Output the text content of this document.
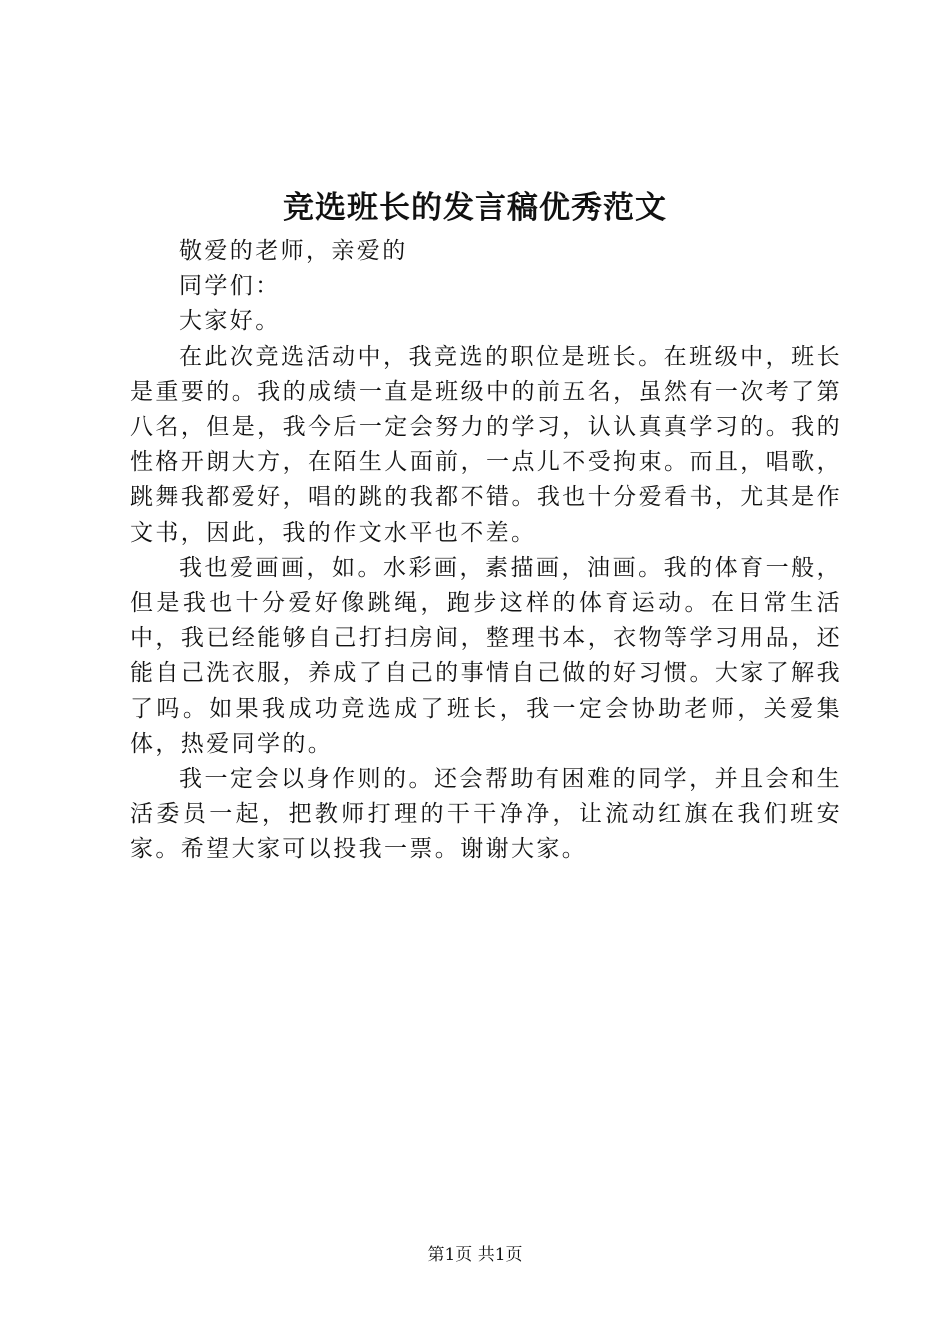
竞选班长的发言稿优秀范文

敬爱的老师，亲爱的

同学们：

大家好。

在此次竞选活动中，我竞选的职位是班长。在班级中，班长是重要的。我的成绩一直是班级中的前五名，虽然有一次考了第八名，但是，我今后一定会努力的学习，认认真真学习的。我的性格开朗大方，在陌生人面前，一点儿不受拘束。而且，唱歌，跳舞我都爱好，唱的跳的我都不错。我也十分爱看书，尤其是作文书，因此，我的作文水平也不差。

我也爱画画，如。水彩画，素描画，油画。我的体育一般，但是我也十分爱好像跳绳，跑步这样的体育运动。在日常生活中，我已经能够自己打扫房间，整理书本，衣物等学习用品，还能自己洗衣服，养成了自己的事情自己做的好习惯。大家了解我了吗。如果我成功竞选成了班长，我一定会协助老师，关爱集体，热爱同学的。

我一定会以身作则的。还会帮助有困难的同学，并且会和生活委员一起，把教师打理的干干净净，让流动红旗在我们班安家。希望大家可以投我一票。谢谢大家。

第1页 共1页
